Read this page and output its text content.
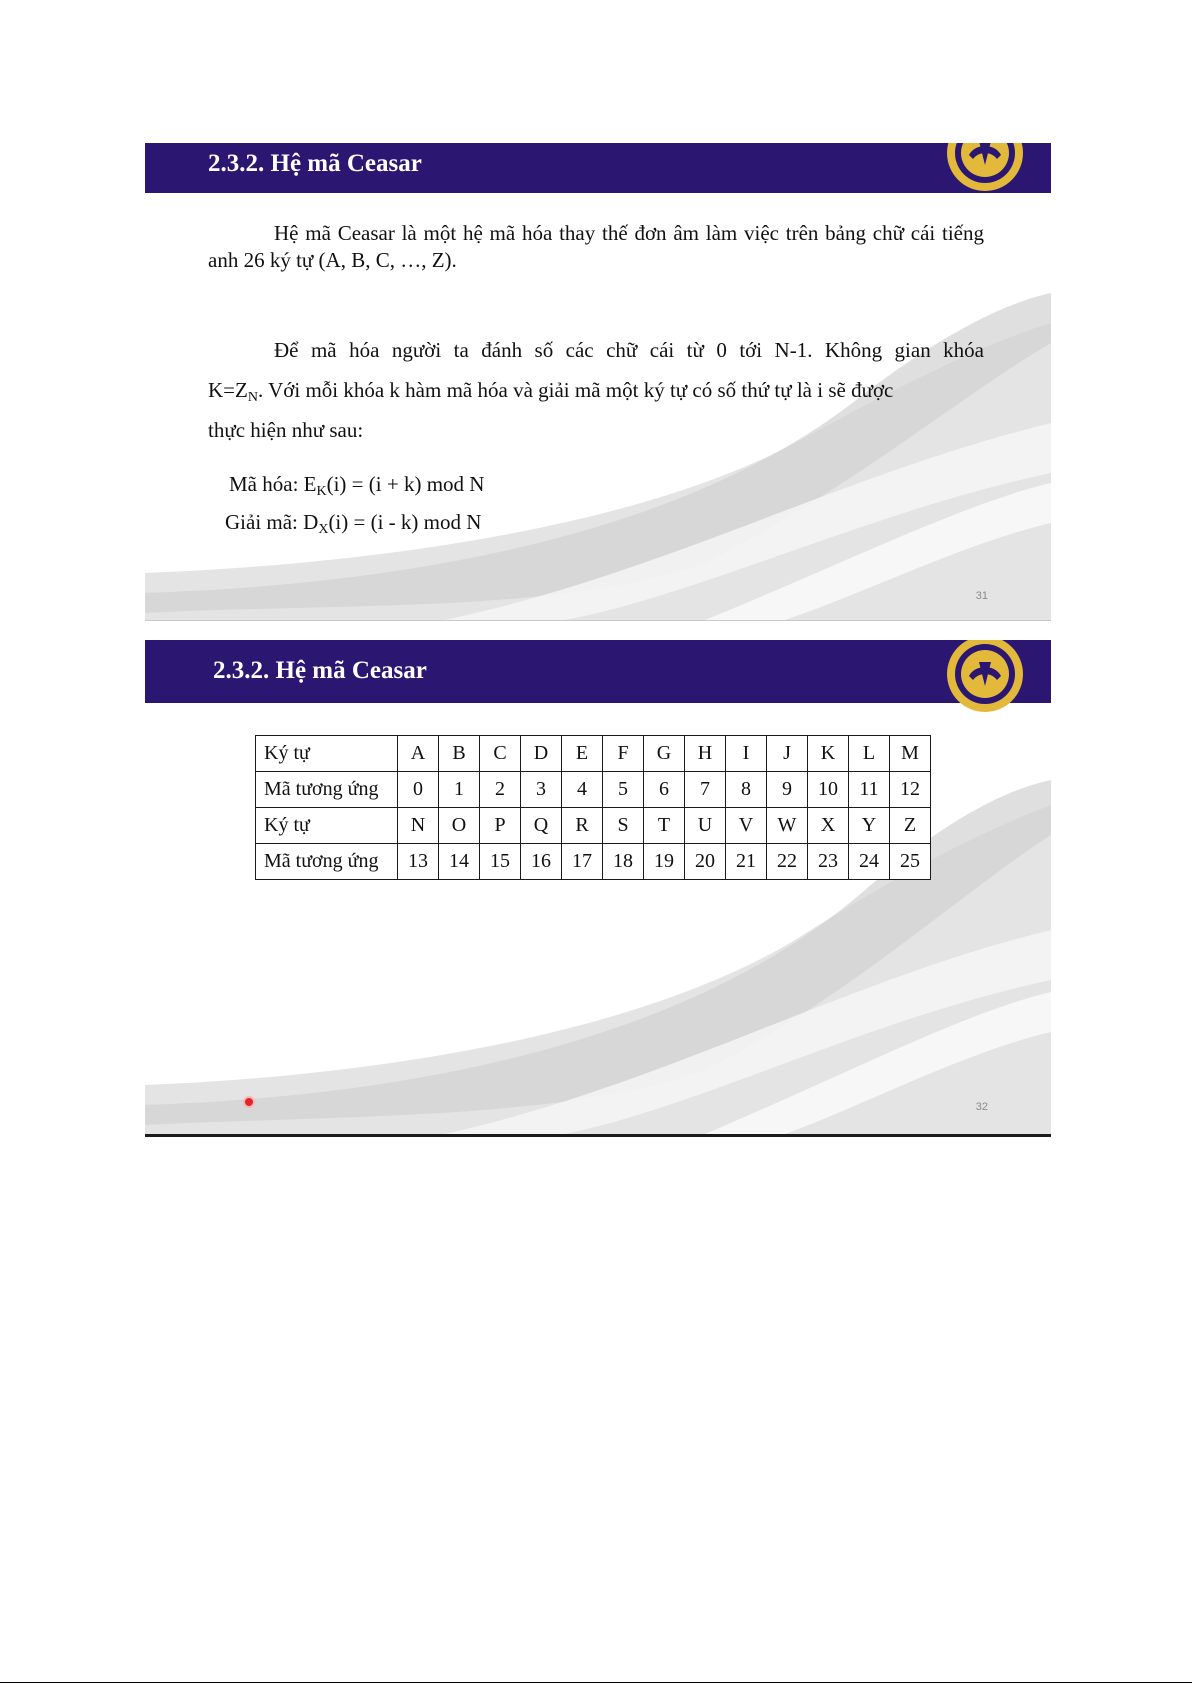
2.3.2. Hệ mã Ceasar
Hệ mã Ceasar là một hệ mã hóa thay thế đơn âm làm việc trên bảng chữ cái tiếng anh 26 ký tự (A, B, C, …, Z).
Để mã hóa người ta đánh số các chữ cái từ 0 tới N-1. Không gian khóa
$K=Z_N$. Với mỗi khóa k hàm mã hóa và giải mã một ký tự có số thứ tự là i sẽ được
thực hiện như sau:
Mã hóa: $E_K(i) = (i + k)$ mod N
Giải mã: $D_X(i) = (i - k)$ mod N
31
2.3.2. Hệ mã Ceasar
Ký tự	A	B	C	D	E	F	G	H	I	J	K	L	M
Mã tương ứng	0	1	2	3	4	5	6	7	8	9	10	11	12
Ký tự	N	O	P	Q	R	S	T	U	V	W	X	Y	Z
Mã tương ứng	13	14	15	16	17	18	19	20	21	22	23	24	25
32
